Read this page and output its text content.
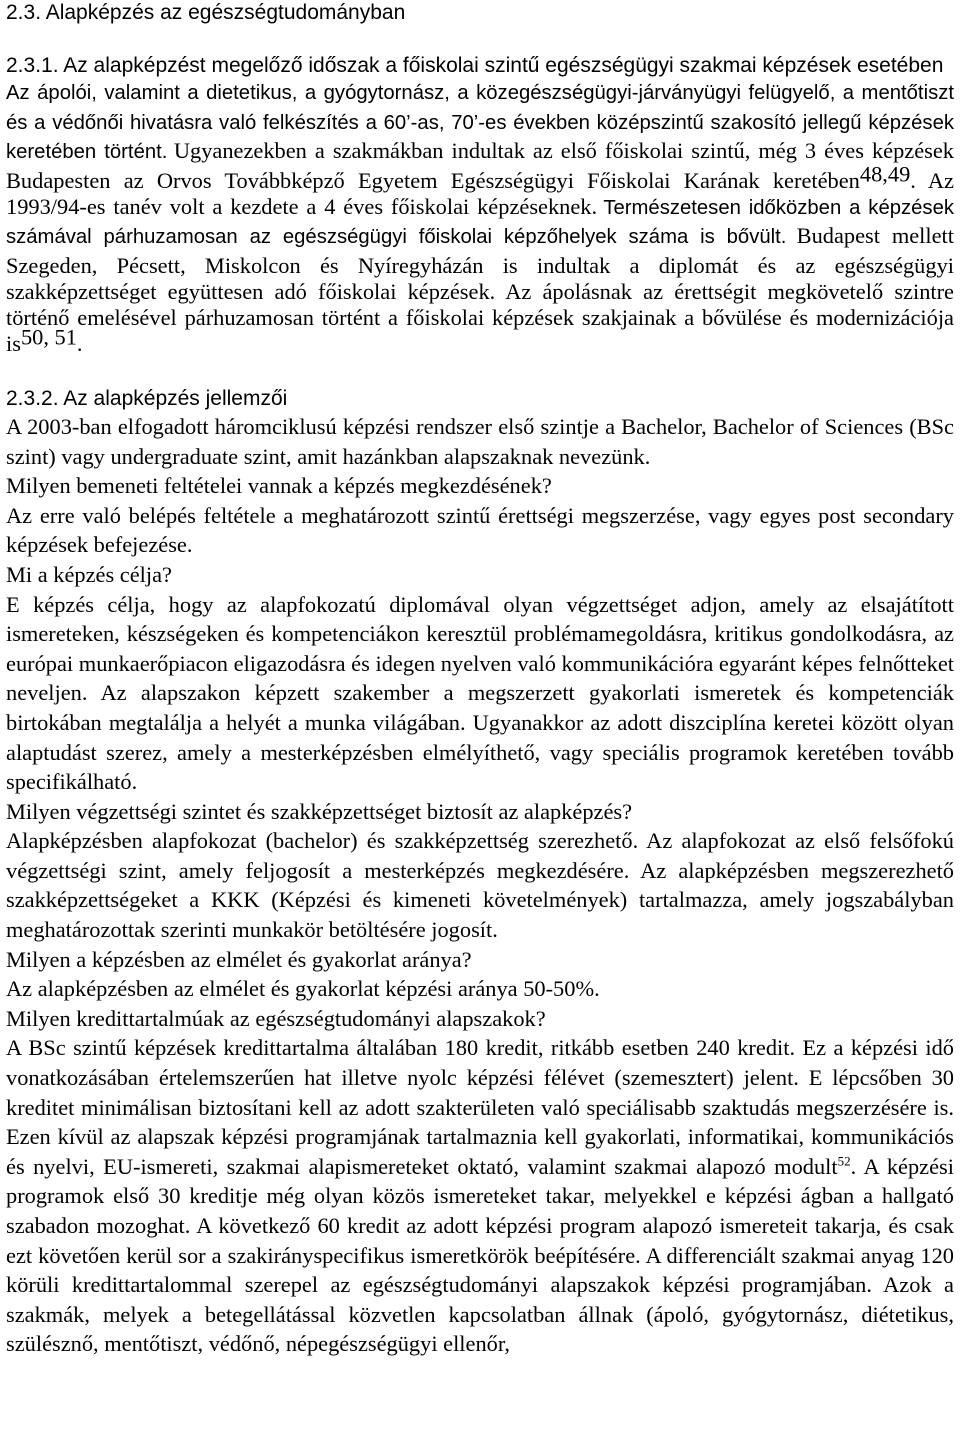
2.3. Alapképzés az egészségtudományban
2.3.1. Az alapképzést megelőző időszak a főiskolai szintű egészségügyi szakmai képzések esetében
Az ápolói, valamint a dietetikus, a gyógytornász, a közegészségügyi-járványügyi felügyelő, a mentőtiszt és a védőnői hivatásra való felkészítés a 60’-as, 70’-es években középszintű szakosító jellegű képzések keretében történt. Ugyanezekben a szakmákban indultak az első főiskolai szintű, még 3 éves képzések Budapesten az Orvos Továbbképző Egyetem Egészségügyi Főiskolai Karának keretében$^{48,49}$. Az 1993/94-es tanév volt a kezdete a 4 éves főiskolai képzéseknek. Természetesen időközben a képzések számával párhuzamosan az egészségügyi főiskolai képzőhelyek száma is bővült. Budapest mellett Szegeden, Pécsett, Miskolcon és Nyíregyházán is indultak a diplomát és az egészségügyi szakképzettséget együttesen adó főiskolai képzések. Az ápolásnak az érettségit megkövetelő szintre történő emelésével párhuzamosan történt a főiskolai képzések szakjainak a bővülése és modernizációja is$^{50, 51}$.
2.3.2. Az alapképzés jellemzői

A 2003-ban elfogadott háromciklusú képzési rendszer első szintje a Bachelor, Bachelor of Sciences (BSc szint) vagy undergraduate szint, amit hazánkban alapszaknak nevezünk.

Milyen bemeneti feltételei vannak a képzés megkezdésének?

Az erre való belépés feltétele a meghatározott szintű érettségi megszerzése, vagy egyes post secondary képzések befejezése.

Mi a képzés célja?

E képzés célja, hogy az alapfokozatú diplomával olyan végzettséget adjon, amely az elsajátított ismereteken, készségeken és kompetenciákon keresztül problémamegoldásra, kritikus gondolkodásra, az európai munkaerőpiacon eligazodásra és idegen nyelven való kommunikációra egyaránt képes felnőtteket neveljen. Az alapszakon képzett szakember a megszerzett gyakorlati ismeretek és kompetenciák birtokában megtalálja a helyét a munka világában. Ugyanakkor az adott diszciplína keretei között olyan alaptudást szerez, amely a mesterképzésben elmélyíthető, vagy speciális programok keretében tovább specifikálható.

Milyen végzettségi szintet és szakképzettséget biztosít az alapképzés?

Alapképzésben alapfokozat (bachelor) és szakképzettség szerezhető. Az alapfokozat az első felsőfokú végzettségi szint, amely feljogosít a mesterképzés megkezdésére. Az alapképzésben megszerezhető szakképzettségeket a KKK (Képzési és kimeneti követelmények) tartalmazza, amely jogszabályban meghatározottak szerinti munkakör betöltésére jogosít.

Milyen a képzésben az elmélet és gyakorlat aránya?

Az alapképzésben az elmélet és gyakorlat képzési aránya 50-50%.

Milyen kredittartalmúak az egészségtudományi alapszakok?

A BSc szintű képzések kredittartalma általában 180 kredit, ritkább esetben 240 kredit. Ez a képzési idő vonatkozásában értelemszerűen hat illetve nyolc képzési félévet (szemesztert) jelent. E lépcsőben 30 kreditet minimálisan biztosítani kell az adott szakterületen való speciálisabb szaktudás megszerzésére is. Ezen kívül az alapszak képzési programjának tartalmaznia kell gyakorlati, informatikai, kommunikációs és nyelvi, EU-ismereti, szakmai alapismereteket oktató, valamint szakmai alapozó modult$^{52}$. A képzési programok első 30 kreditje még olyan közös ismereteket takar, melyekkel e képzési ágban a hallgató szabadon mozoghat. A következő 60 kredit az adott képzési program alapozó ismereteit takarja, és csak ezt követően kerül sor a szakirányspecifikus ismeretkörök beépítésére. A differenciált szakmai anyag 120 körüli kredittartalommal szerepel az egészségtudományi alapszakok képzési programjában. Azok a szakmák, melyek a betegellátással közvetlen kapcsolatban állnak (ápoló, gyógytornász, diétetikus, szülésznő, mentőtiszt, védőnő, népegészségügyi ellenőr,
